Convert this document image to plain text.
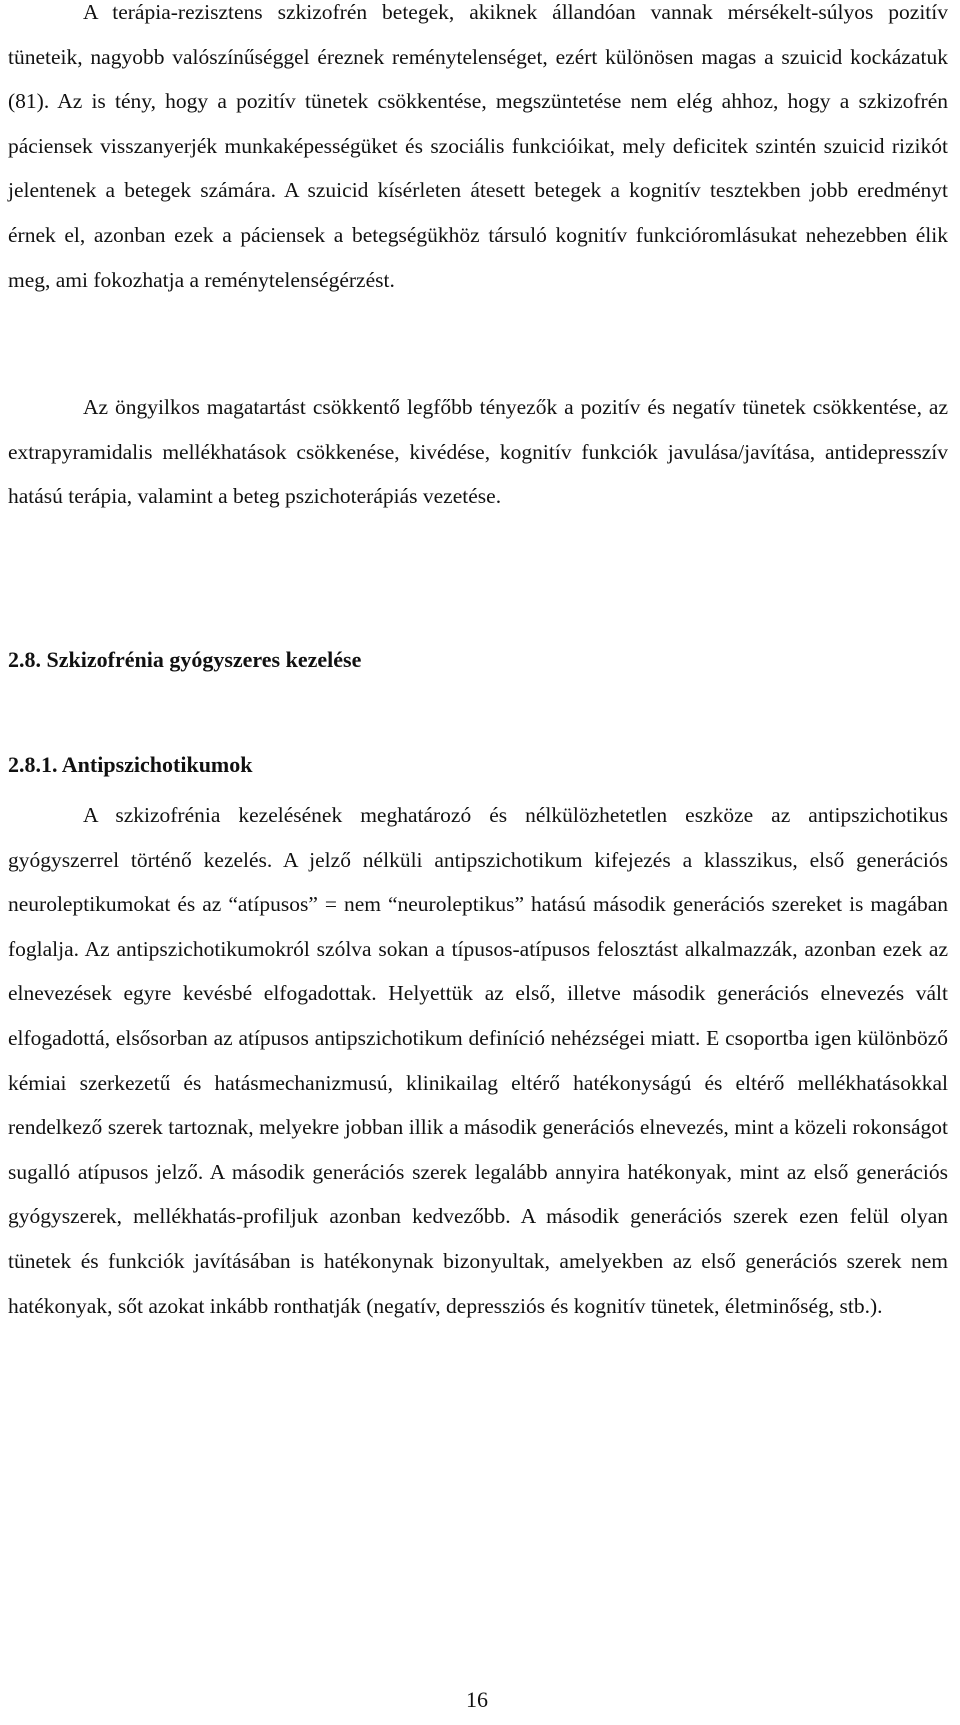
A terápia-rezisztens szkizofrén betegek, akiknek állandóan vannak mérsékelt-súlyos pozitív tüneteik, nagyobb valószínűséggel éreznek reménytelenséget, ezért különösen magas a szuicid kockázatuk (81). Az is tény, hogy a pozitív tünetek csökkentése, megszüntetése nem elég ahhoz, hogy a szkizofrén páciensek visszanyerjék munkaképességüket és szociális funkcióikat, mely deficitek szintén szuicid rizikót jelentenek a betegek számára. A szuicid kísérleten átesett betegek a kognitív tesztekben jobb eredményt érnek el, azonban ezek a páciensek a betegségükhöz társuló kognitív funkcióromlásukat nehezebben élik meg, ami fokozhatja a reménytelenségérzést.

Az öngyilkos magatartást csökkentő legfőbb tényezők a pozitív és negatív tünetek csökkentése, az extrapyramidalis mellékhatások csökkenése, kivédése, kognitív funkciók javulása/javítása, antidepresszív hatású terápia, valamint a beteg pszichoterápiás vezetése.

2.8. Szkizofrénia gyógyszeres kezelése
2.8.1. Antipszichotikumok

A szkizofrénia kezelésének meghatározó és nélkülözhetetlen eszköze az antipszichotikus gyógyszerrel történő kezelés. A jelző nélküli antipszichotikum kifejezés a klasszikus, első generációs neuroleptikumokat és az “atípusos” = nem “neuroleptikus” hatású második generációs szereket is magában foglalja. Az antipszichotikumokról szólva sokan a típusos-atípusos felosztást alkalmazzák, azonban ezek az elnevezések egyre kevésbé elfogadottak. Helyettük az első, illetve második generációs elnevezés vált elfogadottá, elsősorban az atípusos antipszichotikum definíció nehézségei miatt. E csoportba igen különböző kémiai szerkezetű és hatásmechanizmusú, klinikailag eltérő hatékonyságú és eltérő mellékhatásokkal rendelkező szerek tartoznak, melyekre jobban illik a második generációs elnevezés, mint a közeli rokonságot sugalló atípusos jelző. A második generációs szerek legalább annyira hatékonyak, mint az első generációs gyógyszerek, mellékhatás-profiljuk azonban kedvezőbb. A második generációs szerek ezen felül olyan tünetek és funkciók javításában is hatékonynak bizonyultak, amelyekben az első generációs szerek nem hatékonyak, sőt azokat inkább ronthatják (negatív, depressziós és kognitív tünetek, életminőség, stb.).

16
